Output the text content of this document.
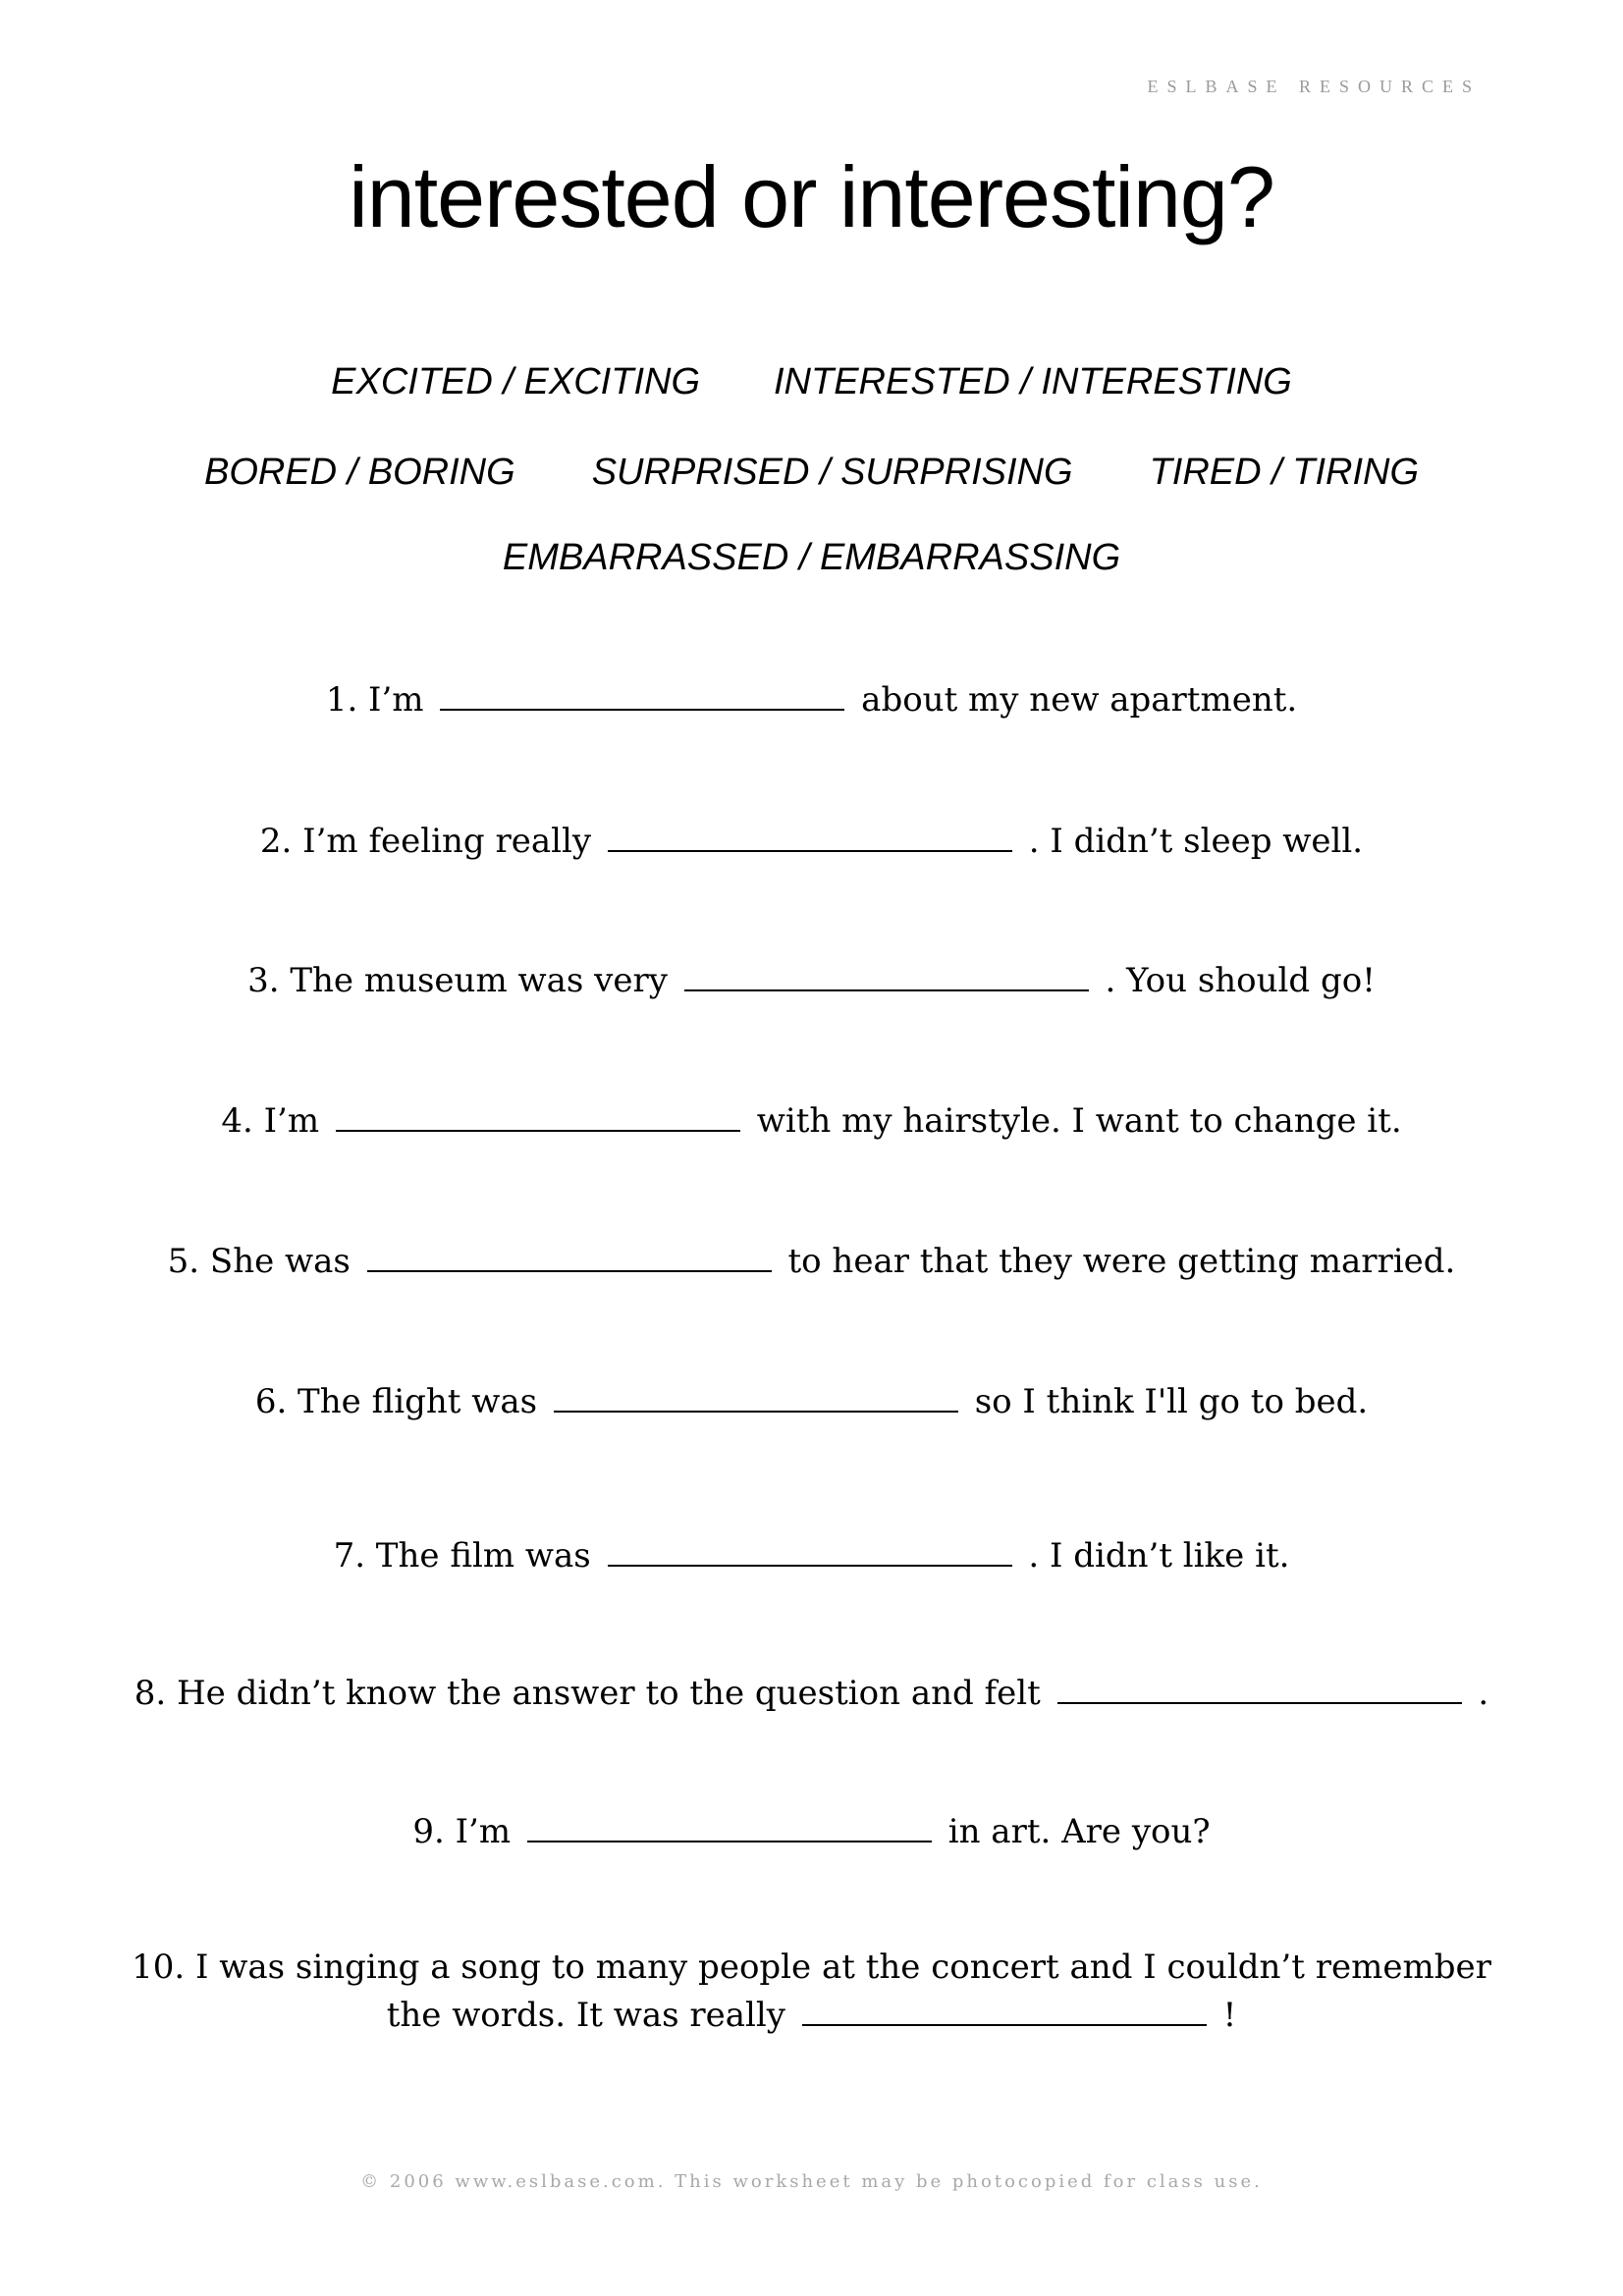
ESLBASE RESOURCES
interested or interesting?
EXCITED / EXCITING INTERESTED / INTERESTING
BORED / BORING SURPRISED / SURPRISING TIRED / TIRING
EMBARRASSED / EMBARRASSING
1. I’m	about my new apartment.
2. I’m feeling really	. I didn’t sleep well.
3. The museum was very	. You should go!
4. I’m	with my hairstyle. I want to change it.
5. She was	to hear that they were getting married.
6. The flight was	so I think I'll go to bed.
7. The film was	. I didn’t like it.
8. He didn’t know the answer to the question and felt	.
9. I’m	in art. Are you?
10. I was singing a song to many people at the concert and I couldn’t remember
the words. It was really	!
© 2006 www.eslbase.com. This worksheet may be photocopied for class use.
